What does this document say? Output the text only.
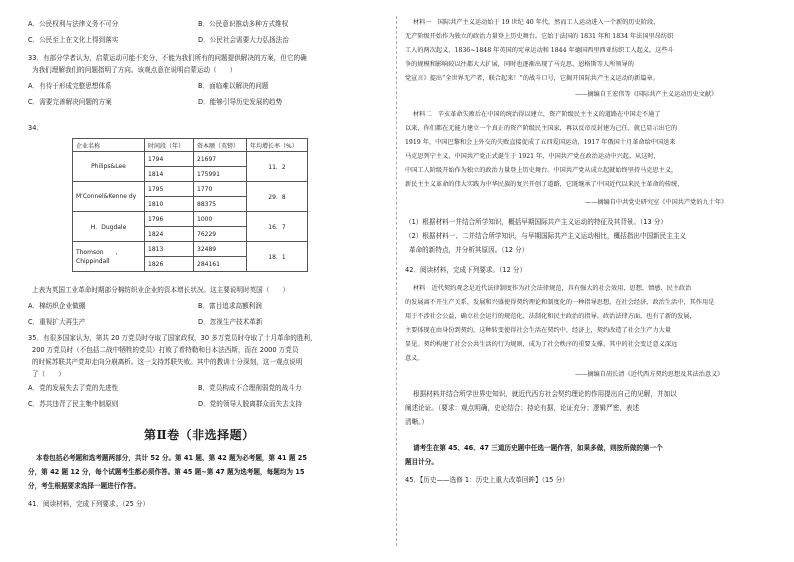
A．公民权利与法律义务不可分	B．公民意识推动多种方式维权
C．公民至上在文化上得到落实	D．公民社会需要大力弘扬法治
33．有部分学者认为，启蒙运动可能不充分，不能为我们所有的问题提供解决的方案，但它的确
为我们理解我们的问题指明了方向。该观点意在说明启蒙运动（　　）
A．有待于形成完整思想体系	B．面临难以解决的问题
C．需要完善解决问题的方案	D．能够引导历史发展的趋势
34．
企业名称	时间段（年）	资本额（英镑）	年均增长率（%）
Philips&Lee	1794	21697	11．2
	1814	175991	
M'Connel&Kenne dy	1795	1770	29．8
	1810	88375	
H．Dugdale	1796	1000	16．7
	1824	76229	
Thomson　　，Chippindall	1813	32489	18．1
	1826	284161	
上表为英国工业革命时期部分棉纺织业企业的资本增长状况。这主要说明时英国（　　）
A．棉纺织企业做棚	B．富目追求高额利润
C．重视扩大再生产	D．忽视生产技术革新
35．有很多国家认为，第共 20 万党员时夺取了国家政权，30 多万党员时夺取了十月革命的胜利，
200 万党员时（不包括二战中牺牲的党员）打败了希特勒和日本法西斯，而在 2000 万党员
的时候苏联共产党却走向分崩离析。这一支持苏联失败。其中的教训十分深刻，这一观点说明
了（　　）
A．党的发展失去了党的先进性	B．党员构成不合理削弱党的战斗力
C．苏共违背了民主集中制原则	D．党的领导人脱离群众而失去支持
第Ⅱ卷（非选择题）
本卷包括必考题和选考题两部分，共计 52 分。第 41 题、第 42 题为必考题，第 41 题 25
分，第 42 题 12 分，每个试题考生都必须作答。第 45 题~第 47 题为选考题，每题均为 15
分，考生根据要求选择一题进行作答。
41．阅读材料，完成下列要求。（25 分）
材料一　国际共产主义运动始于 19 世纪 40 年代，然而工人运动进入一个新的历史阶段，
无产阶级开始作为独立的政治力量登上历史舞台。它始于法国的 1831 年和 1834 年法国里昂纺织
工人的两次起义、1836~1848 年英国的宪章运动和 1844 年德国西里西亚纺织工人起义。这些斗
争的规模和影响较以往都大大扩展，同时也逐渐出现了马克思、恩格斯等人所领导的
党宣言》提出“全世界无产者，联合起来！”的战斗口号，它揭开国际共产主义运动的新篇章。
——摘编自王宏伟等《国际共产主义运动历史文献》
材料二　辛亥革命失败后在中国的统治得以建立，资产阶级民主主义的道路在中国走不通了
以来，你们都在无能力建立一个真正的资产阶级民主国家，再以反帝反封建为己任，就已显示出它的
1919 年，中国巴黎和会上外交的失败直接促成了五四爱国运动，1917 年俄国十月革命给中国送来
马克思列宁主义，中国共产党正式诞生于 1921 年，中国共产党在政治运动中兴起。从这时，
中国工人阶级开始作为独立的政治力量登上历史舞台。中国共产党从成立起就始终坚持马克思主义，
新民主主义革命的伟大实践为中华民族的复兴开创了道路，它既继承了中国近代以来民主革命的传统，
——摘编自中共党史研究室《中国共产党的九十年》
（1）根据材料一并结合所学知识，概括早期国际共产主义运动的特征及其背景。（13 分）
（2）根据材料一、二并结合所学知识，与早期国际共产主义运动相比，概括指出中国新民主主义
革命的新特点，并分析其原因。（12 分）
42．阅读材料，完成下列要求。（12 分）
材料　近代契约观念是近代法律制度作为社会法律规范，具有强大的社会效用，思想、情感、民主政治
的发展离不开生产关系，发展和兴盛使得契约理论和制度化的一种指导思想，在社会经济、政治生活中，其作用是
用于不涉社会公益，确立社会运行的规范化、法制化和民主政治的指导。政治法律方面，也有了新的发展，
主要体现在由身份到契约，这种转变使得社会生活在契约中，经济上，契约改造了社会生产力大量
显见。契约构建了社会公共生活的行为规则，成为了社会秩序的重要支撑。其中的社会变迁意义深远
意义。
——摘编自胡长清《近代西方契约思想及其法治意义》
根据材料并结合所学世界史知识，就近代西方社会契约理论的作用提出自己的见解，并加以
阐述论证。（要求：观点明确，史论结合；持论有据，论证充分；逻辑严密，表述
清晰。）
请考生在第 45、46、47 三道历史题中任选一题作答，如果多做，则按所做的第一个
题目计分。
45．【历史——选修 1：历史上重大改革回眸】（15 分）
